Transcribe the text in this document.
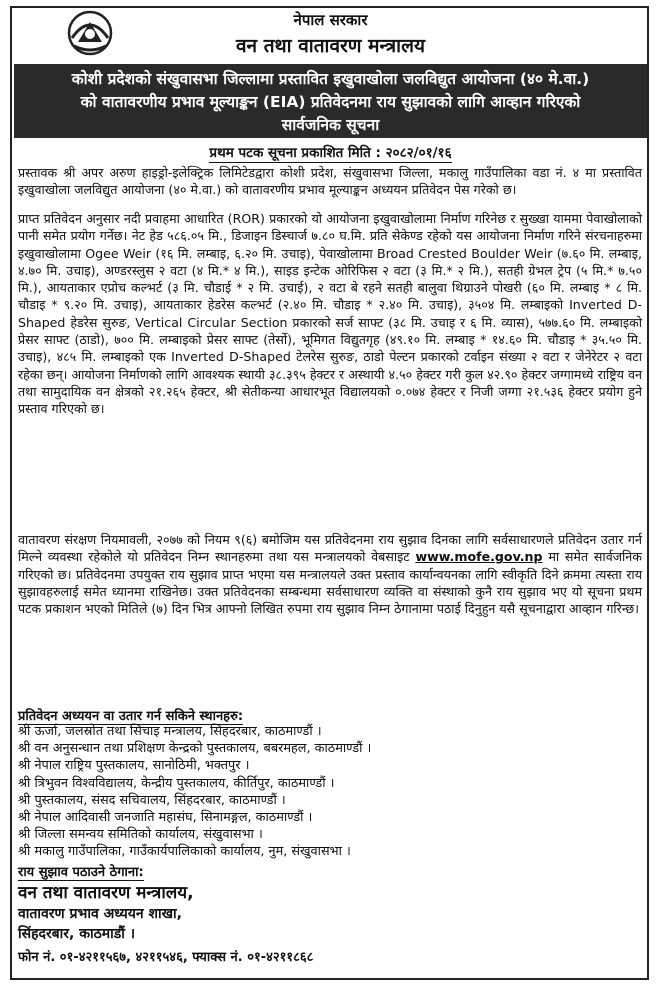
नेपाल सरकार
वन तथा वातावरण मन्त्रालय
कोशी प्रदेशको संखुवासभा जिल्लामा प्रस्तावित इखुवाखोला जलविद्युत आयोजना (४० मे.वा.)
को वातावरणीय प्रभाव मूल्याङ्कन (EIA) प्रतिवेदनमा राय सुझावको लागि आव्हान गरिएको
सार्वजनिक सूचना
प्रथम पटक सूचना प्रकाशित मिति : २०८२/०१/१६

प्रस्तावक श्री अपर अरुण हाइड्रो-इलेक्ट्रिक लिमिटेडद्वारा कोशी प्रदेश, संखुवासभा जिल्ला, मकालु गाउँपालिका वडा नं. ४ मा प्रस्तावित इखुवाखोला जलविद्युत आयोजना (४० मे.वा.) को वातावरणीय प्रभाव मूल्याङ्कन अध्ययन प्रतिवेदन पेस गरेको छ।

प्राप्त प्रतिवेदन अनुसार नदी प्रवाहमा आधारित (ROR) प्रकारको यो आयोजना इखुवाखोलामा निर्माण गरिनेछ र सुख्खा याममा पेवाखोलाको पानी समेत प्रयोग गर्नेछ। नेट हेड ५८६.०५ मि., डिजाइन डिस्चार्ज ७.८० घ.मि. प्रति सेकेण्ड रहेको यस आयोजना निर्माण गरिने संरचनाहरुमा इखुवाखोलामा Ogee Weir (१६ मि. लम्बाइ, ६.२० मि. उचाइ), पेवाखोलामा Broad Crested Boulder Weir (७.६० मि. लम्बाइ, ४.७० मि. उचाइ), अण्डरस्लुस २ वटा (४ मि.* ४ मि.), साइड इन्टेक ओरिफिस २ वटा (३ मि.* २ मि.), सतही ग्रेभल ट्रेप (५ मि.* ७.५० मि.), आयताकार एप्रोच कल्भर्ट (३ मि. चौडाई * २ मि. उचाई), २ वटा बे रहने सतही बालुवा थिग्राउने पोखरी (६० मि. लम्बाइ * ८ मि. चौडाइ * ९.२० मि. उचाइ), आयताकार हेडरेस कल्भर्ट (२.४० मि. चौडाइ * २.४० मि. उचाइ), ३५०४ मि. लम्बाइको Inverted D-Shaped हेडरेस सुरुङ, Vertical Circular Section प्रकारको सर्ज साफ्ट (३८ मि. उचाइ र ६ मि. व्यास), ५७७.६० मि. लम्बाइको प्रेसर साफ्ट (ठाडो), ७०० मि. लम्बाइको प्रेसर साफ्ट (तेर्सो), भूमिगत विद्युतगृह (४९.१० मि. लम्बाइ * १४.६० मि. चौडाइ * ३५.५० मि. उचाइ), ४८५ मि. लम्बाइको एक Inverted D-Shaped टेलरेस सुरुङ, ठाडो पेल्टन प्रकारको टर्वाइन संख्या २ वटा र जेनेरेटर २ वटा रहेका छन्। आयोजना निर्माणको लागि आवश्यक स्थायी ३८.३९५ हेक्टर र अस्थायी ४.५० हेक्टर गरी कुल ४२.९० हेक्टर जग्गामध्ये राष्ट्रिय वन तथा सामुदायिक वन क्षेत्रको २१.२६५ हेक्टर, श्री सेतीकन्या आधारभूत विद्यालयको ०.०७४ हेक्टर र निजी जग्गा २१.५३६ हेक्टर प्रयोग हुने प्रस्ताव गरिएको छ।

वातावरण संरक्षण नियमावली, २०७७ को नियम ९(६) बमोजिम यस प्रतिवेदनमा राय सुझाव दिनका लागि सर्वसाधारणले प्रतिवेदन उतार गर्न मिल्ने व्यवस्था रहेकोले यो प्रतिवेदन निम्न स्थानहरुमा तथा यस मन्त्रालयको वेबसाइट www.mofe.gov.np मा समेत सार्वजनिक गरिएको छ। प्रतिवेदनमा उपयुक्त राय सुझाव प्राप्त भएमा यस मन्त्रालयले उक्त प्रस्ताव कार्यान्वयनका लागि स्वीकृति दिने क्रममा त्यस्ता राय सुझावहरुलाई समेत ध्यानमा राखिनेछ। उक्त प्रतिवेदनका सम्बन्धमा सर्वसाधारण व्यक्ति वा संस्थाको कुनै राय सुझाव भए यो सूचना प्रथम पटक प्रकाशन भएको मितिले (७) दिन भित्र आफ्नो लिखित रुपमा राय सुझाव निम्न ठेगानामा पठाई दिनुहुन यसै सूचनाद्वारा आव्हान गरिन्छ।

प्रतिवेदन अध्ययन वा उतार गर्न सकिने स्थानहरु:
श्री ऊर्जा, जलस्रोत तथा सिंचाइ मन्त्रालय, सिंहदरबार, काठमाण्डौं ।
श्री वन अनुसन्धान तथा प्रशिक्षण केन्द्रको पुस्तकालय, बबरमहल, काठमाण्डौं ।
श्री नेपाल राष्ट्रिय पुस्तकालय, सानोठिमी, भक्तपुर ।
श्री त्रिभुवन विश्वविद्यालय, केन्द्रीय पुस्तकालय, कीर्तिपुर, काठमाण्डौं ।
श्री पुस्तकालय, संसद सचिवालय, सिंहदरबार, काठमाण्डौं ।
श्री नेपाल आदिवासी जनजाति महासंघ, सिनामङ्गल, काठमाण्डौं ।
श्री जिल्ला समन्वय समितिको कार्यालय, संखुवासभा ।
श्री मकालु गाउँपालिका, गाउँकार्यपालिकाको कार्यालय, नुम, संखुवासभा ।
राय सुझाव पठाउने ठेगाना:
वन तथा वातावरण मन्त्रालय,
वातावरण प्रभाव अध्ययन शाखा,
सिंहदरबार, काठमाडौं ।
फोन नं. ०१-४२११५६७, ४२११५४६, फ्याक्स नं. ०१-४२११८६८
